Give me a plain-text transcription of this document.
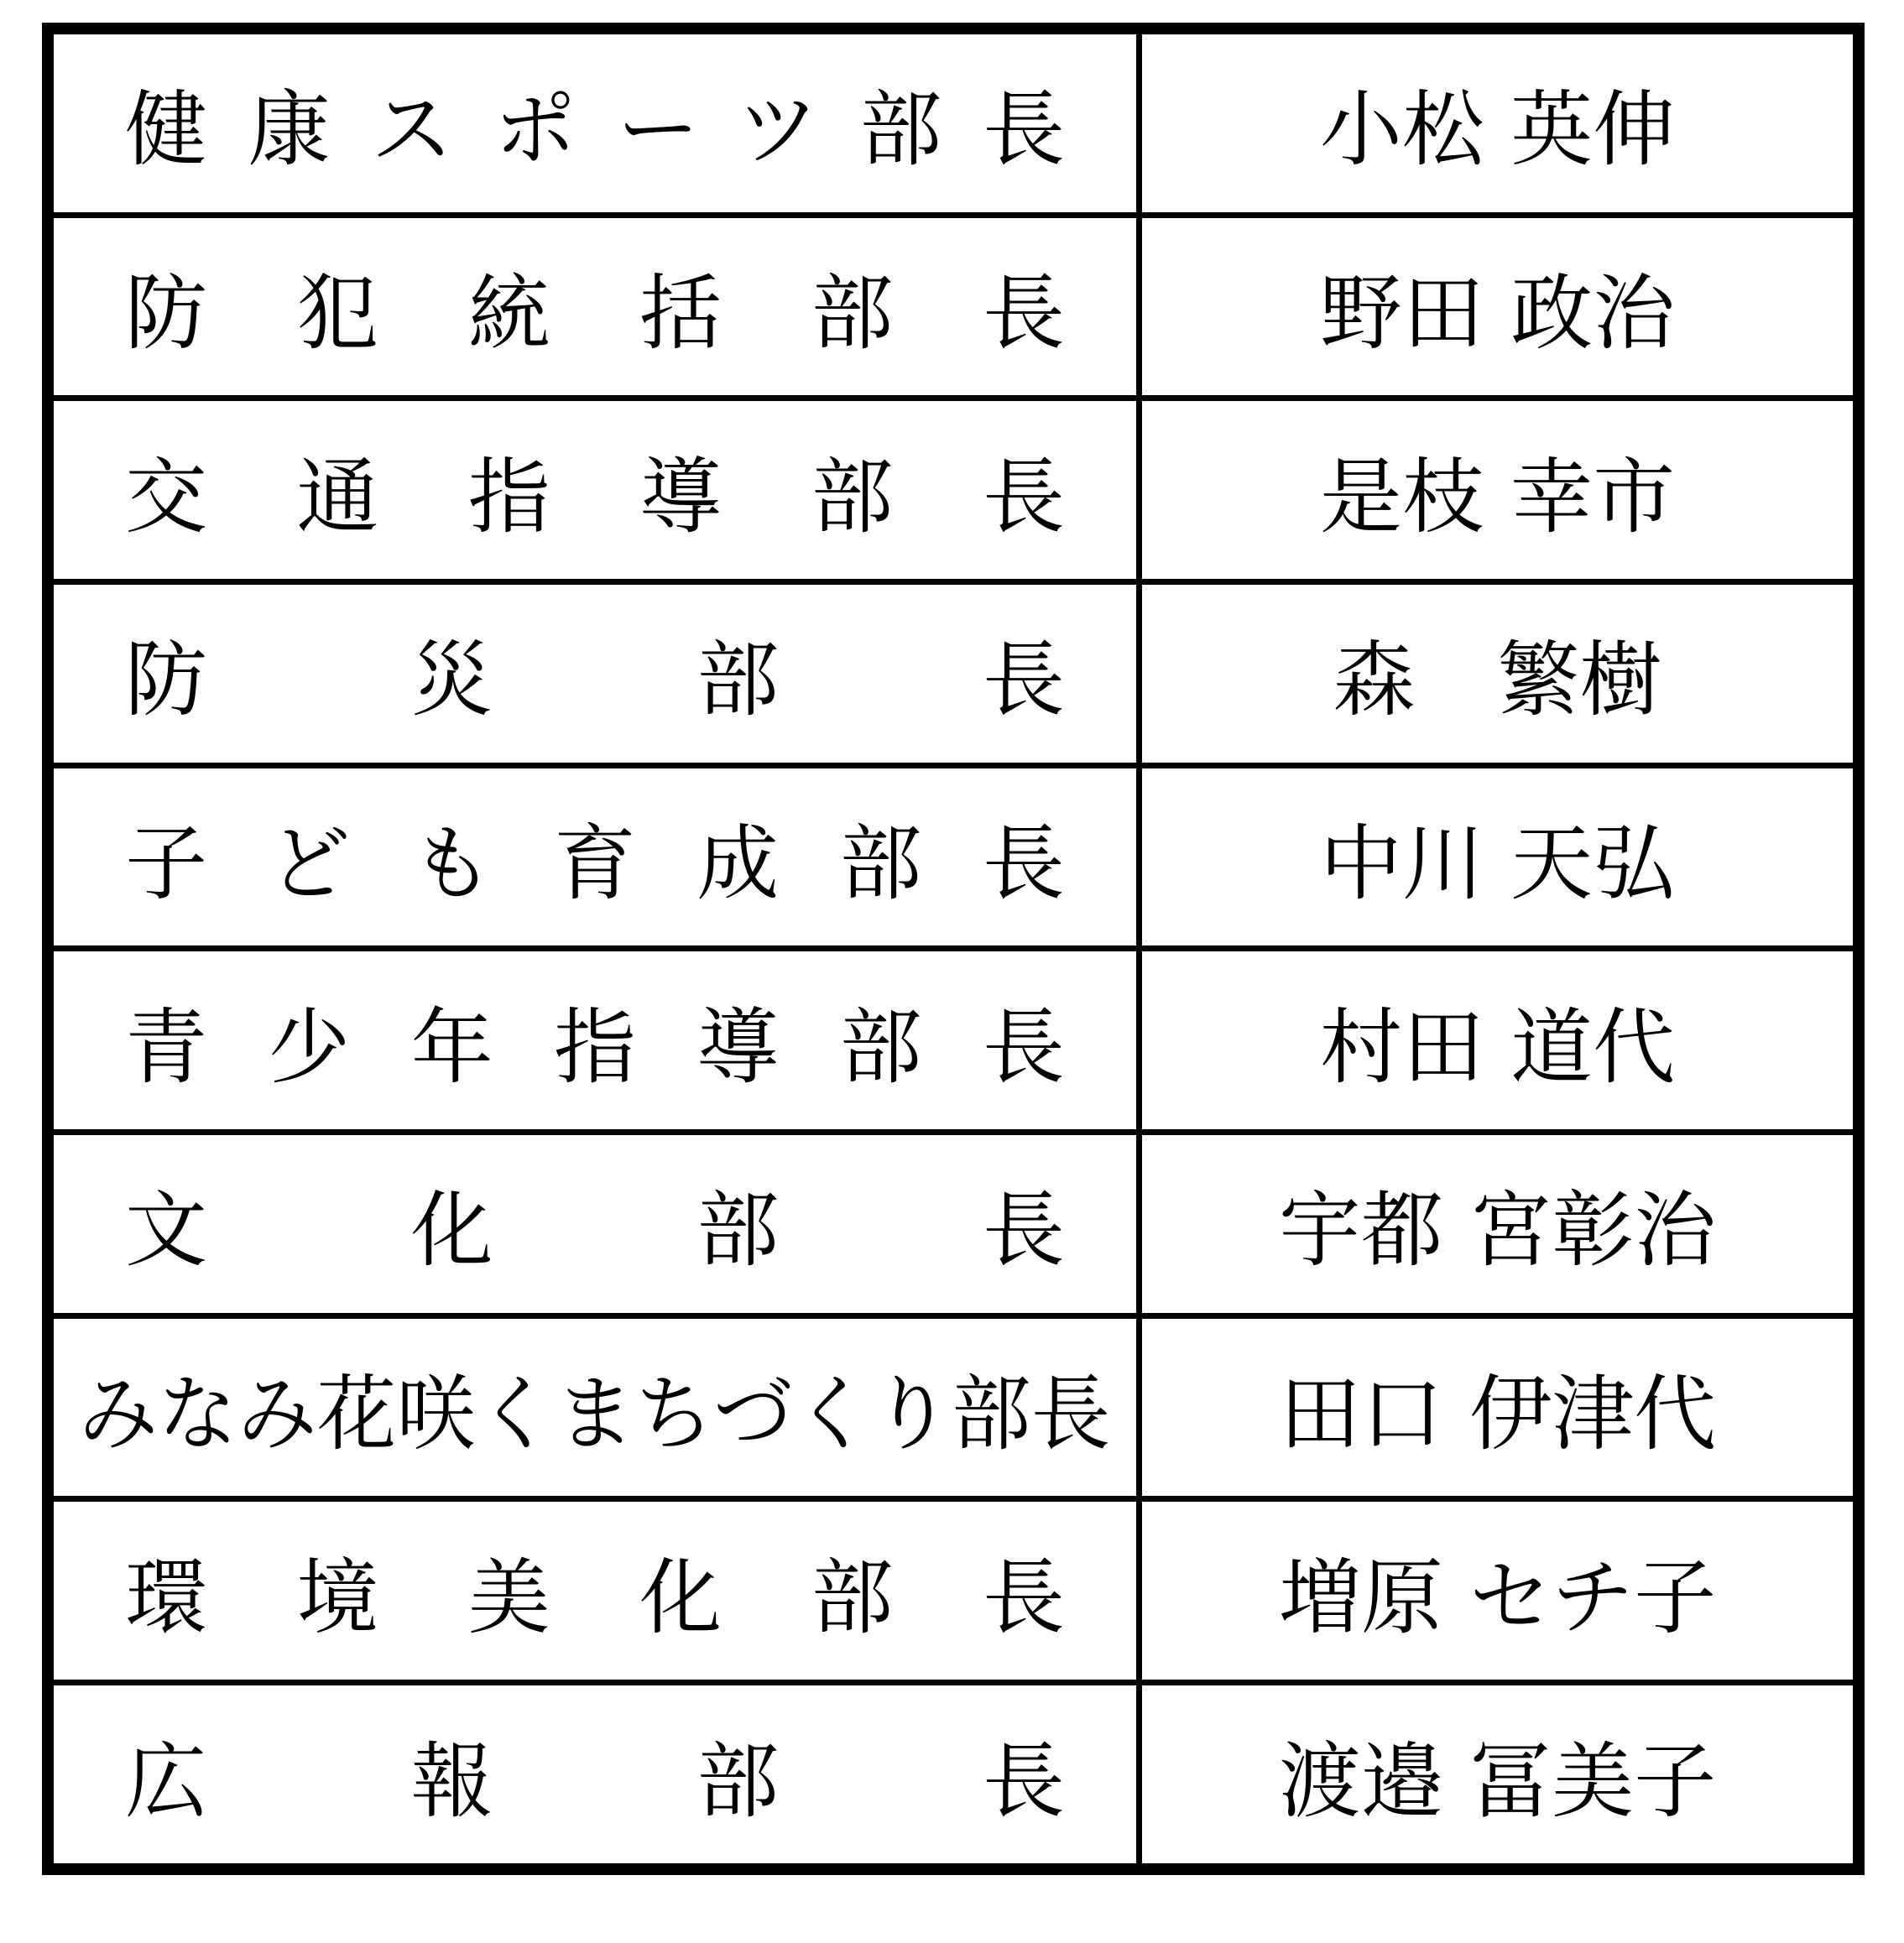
健康スポーツ部長	小松 英伸
防犯統括部長	野田 政治
交通指導部長	是枝 幸市
防災部長	森　繁樹
子ども育成部長	中川 天弘
青少年指導部長	村田 道代
文化部長	宇都 宮彰治
みなみ花咲くまちづくり部長	田口 伊津代
環境美化部長	増原 セチ子
広報部長	渡邉 冨美子
